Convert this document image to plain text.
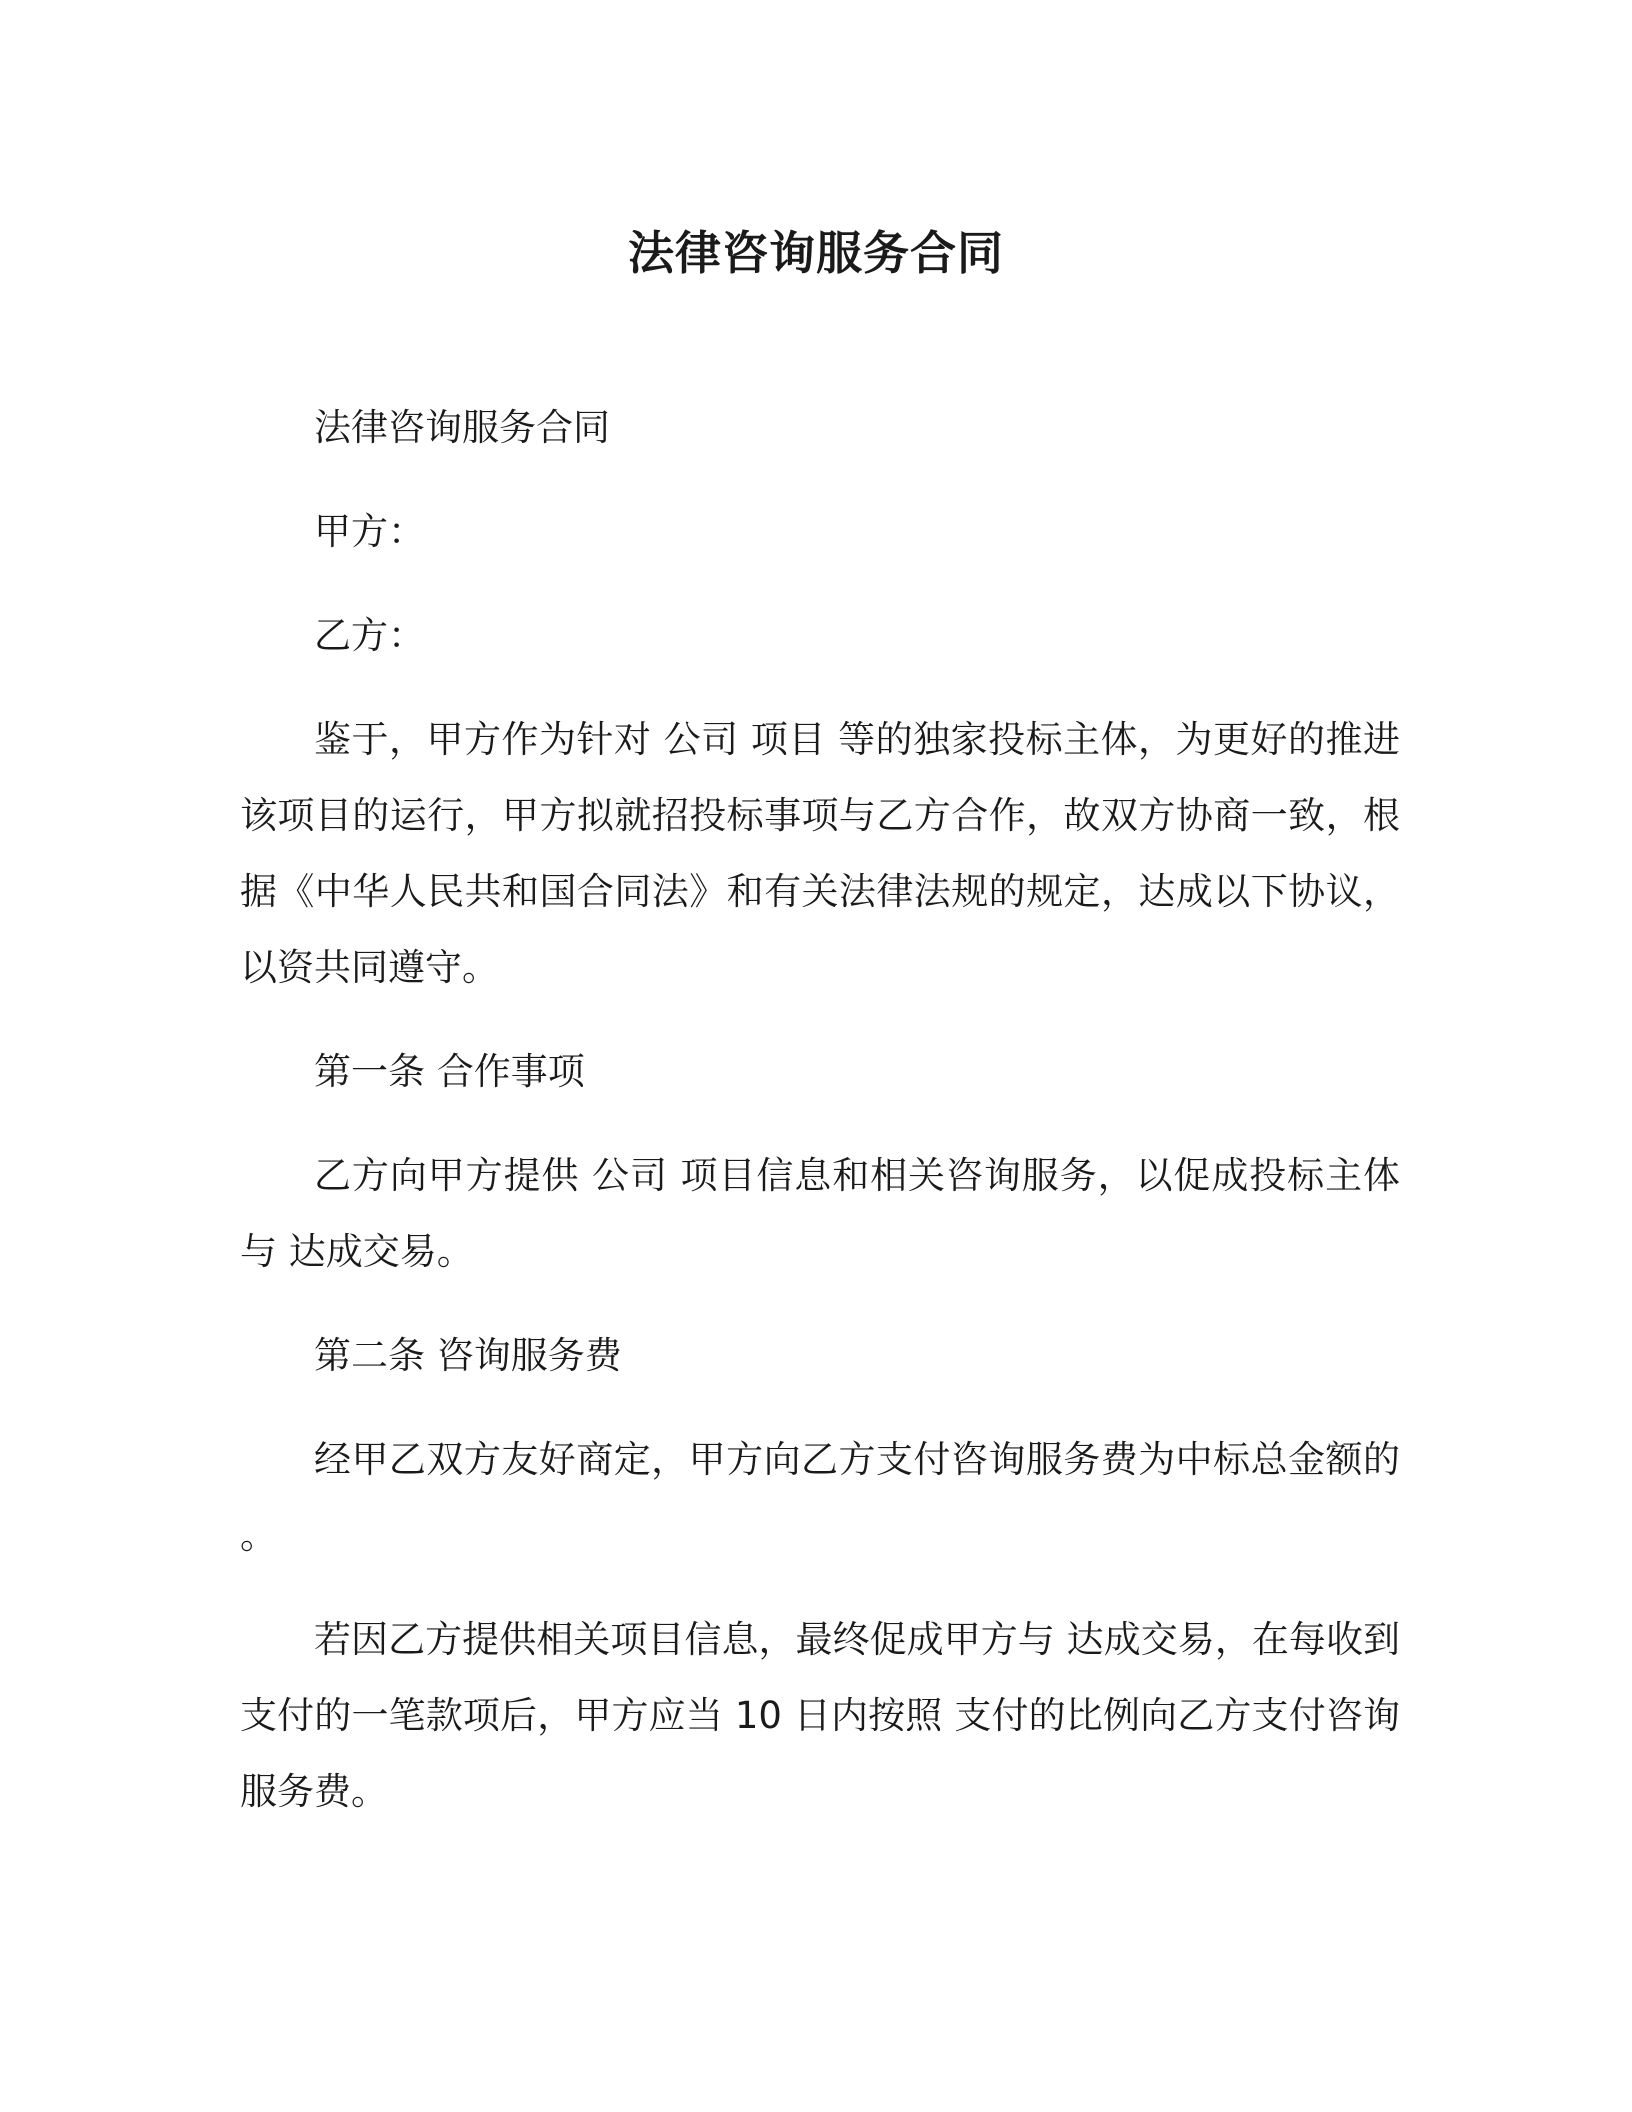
法律咨询服务合同

法律咨询服务合同

甲方：

乙方：

鉴于，甲方作为针对 公司 项目 等的独家投标主体，为更好的推进该项目的运行，甲方拟就招投标事项与乙方合作，故双方协商一致，根据《中华人民共和国合同法》和有关法律法规的规定，达成以下协议，以资共同遵守。

第一条 合作事项

乙方向甲方提供 公司 项目信息和相关咨询服务，以促成投标主体与 达成交易。

第二条 咨询服务费

经甲乙双方友好商定，甲方向乙方支付咨询服务费为中标总金额的 。

若因乙方提供相关项目信息，最终促成甲方与 达成交易，在每收到 支付的一笔款项后，甲方应当 10 日内按照 支付的比例向乙方支付咨询服务费。
